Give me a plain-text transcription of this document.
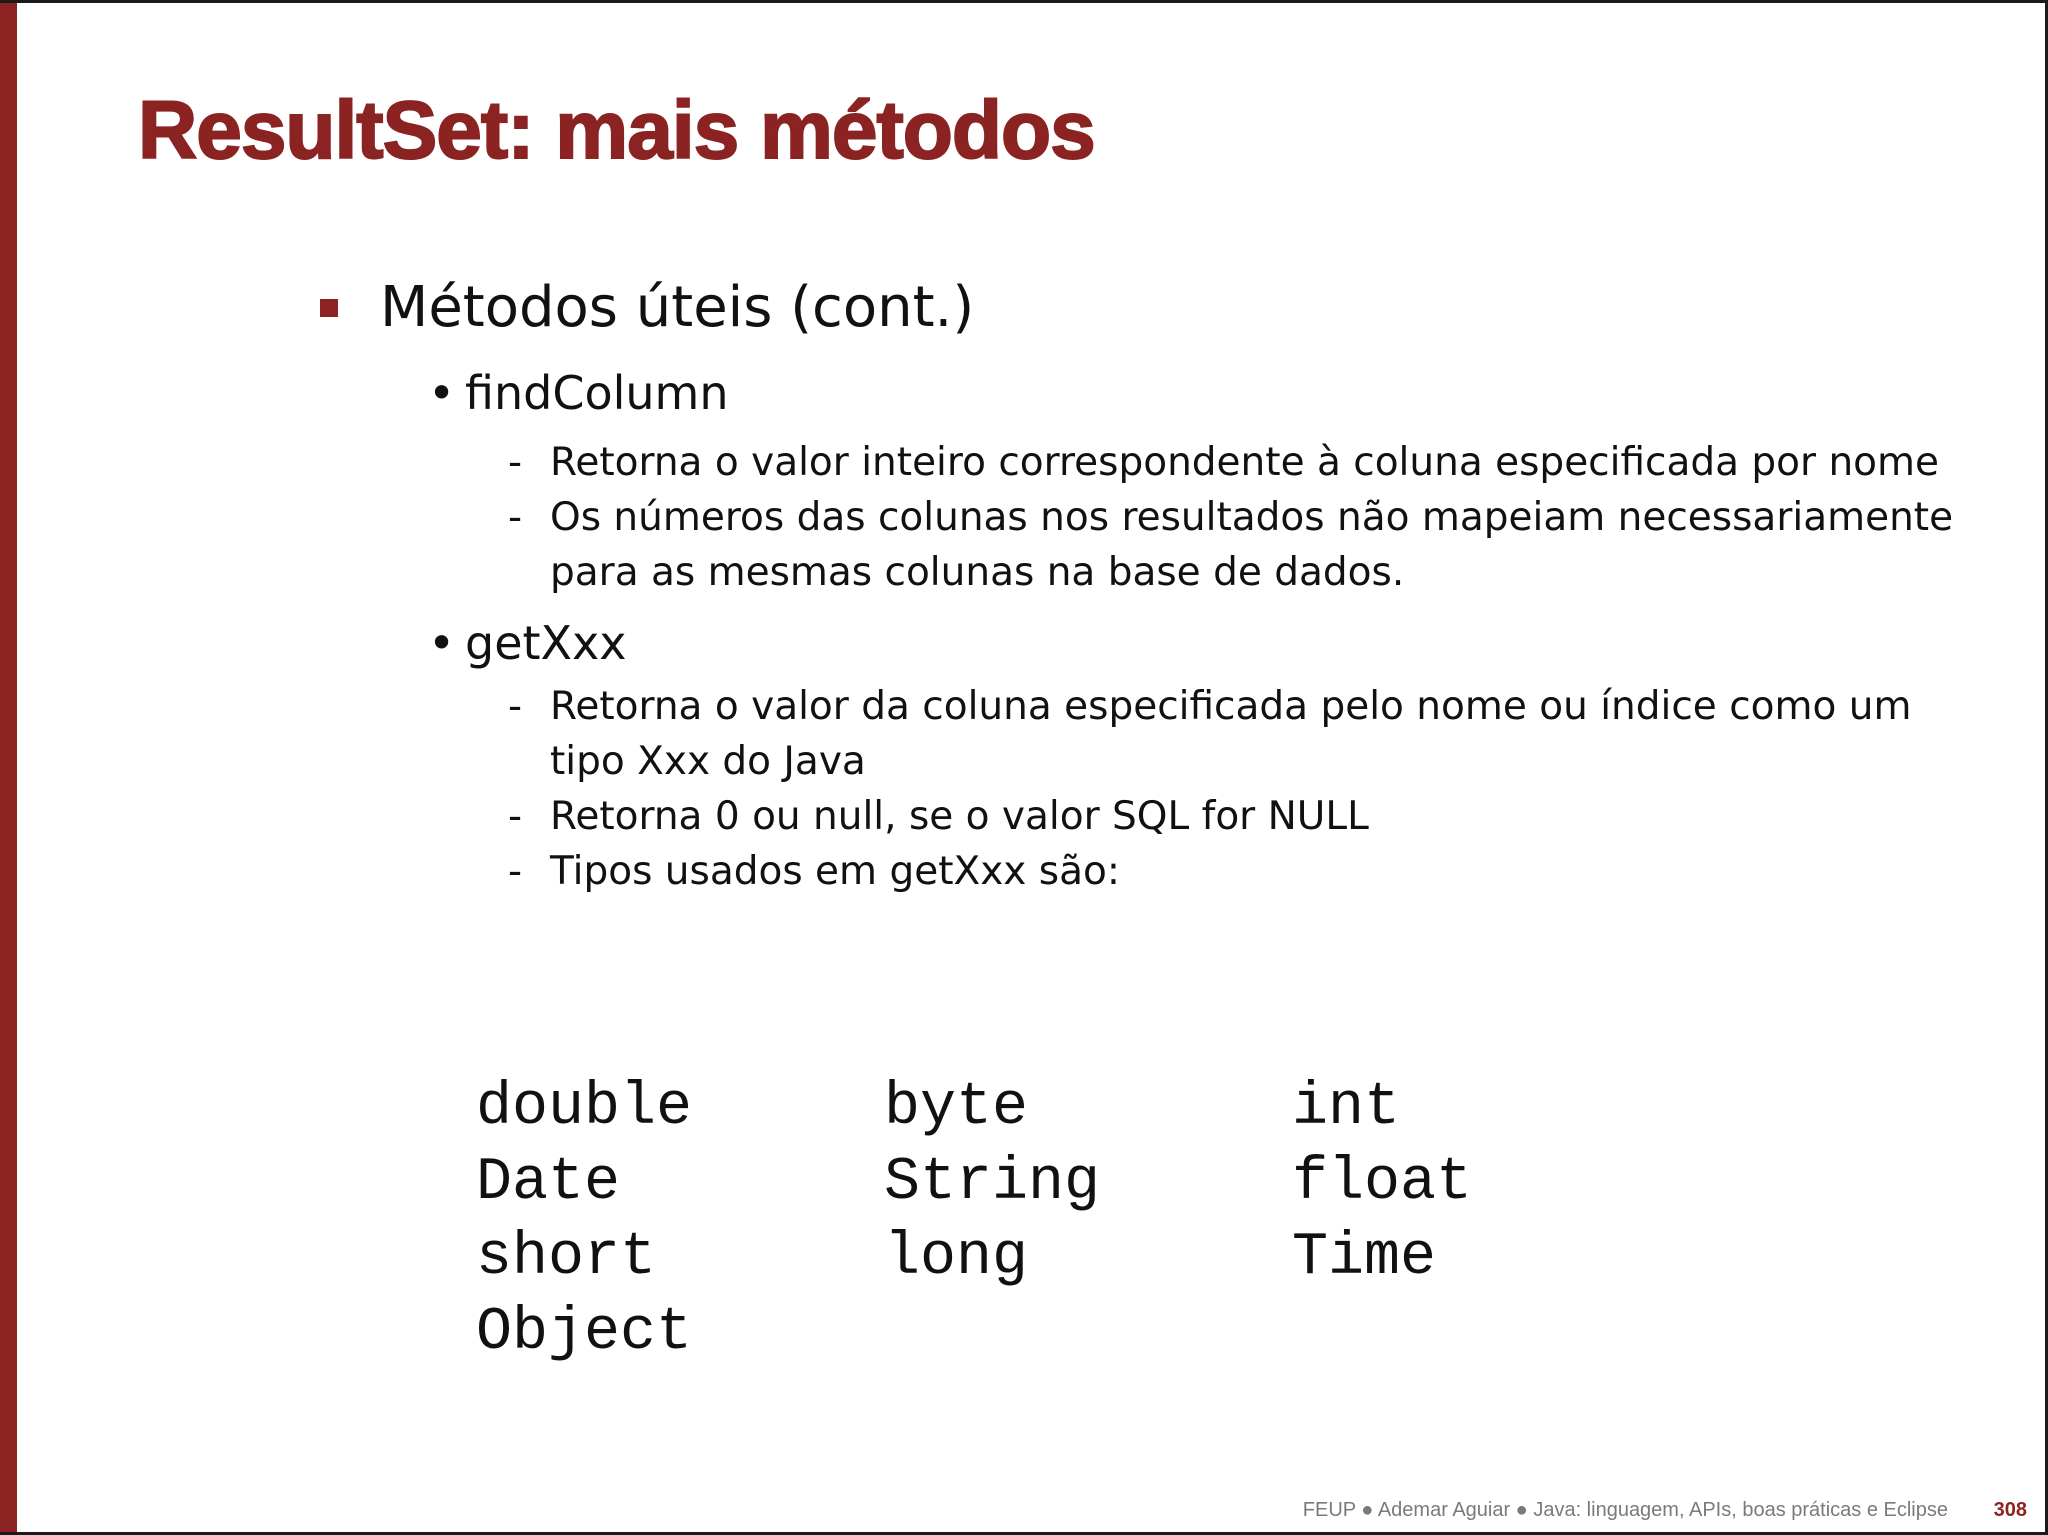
ResultSet: mais métodos
Métodos úteis (cont.)
• findColumn
- Retorna o valor inteiro correspondente à coluna especificada por nome
- Os números das colunas nos resultados não mapeiam necessariamente para as mesmas colunas na base de dados.
• getXxx
- Retorna o valor da coluna especificada pelo nome ou índice como um tipo Xxx do Java
- Retorna 0 ou null, se o valor SQL for NULL
- Tipos usados em getXxx são:
double	byte	int
Date	String	float
short	long	Time
Object
FEUP ● Ademar Aguiar ● Java: linguagem, APIs, boas práticas e Eclipse 308
